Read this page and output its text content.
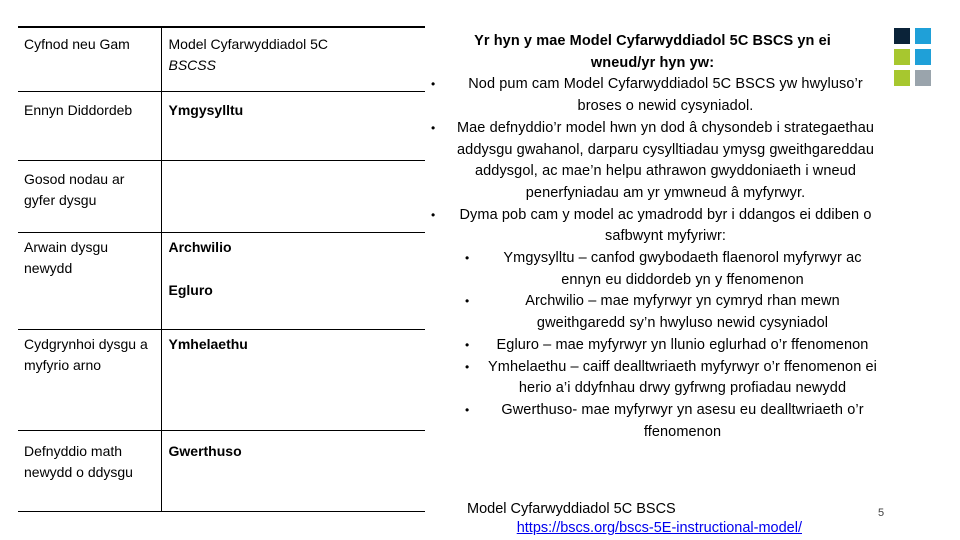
Cyfnod neu Gam	Model Cyfarwyddiadol 5C
BSCSS

Ennyn Diddordeb	Ymgysylltu

Gosod nodau ar gyfer dysgu	
Arwain dysgu newydd	Archwilio
Egluro

Cydgrynhoi dysgu a myfyrio arno	Ymhelaethu

Defnyddio math newydd o ddysgu	Gwerthuso
Yr hyn y mae Model Cyfarwyddiadol 5C BSCS yn ei
wneud/yr hyn yw:
• Nod pum cam Model Cyfarwyddiadol 5C BSCS yw hwyluso’r broses o newid cysyniadol.
• Mae defnyddio’r model hwn yn dod â chysondeb i strategaethau addysgu gwahanol, darparu cysylltiadau ymysg gweithgareddau addysgol, ac mae’n helpu athrawon gwyddoniaeth i wneud penerfyniadau am yr ymwneud â myfyrwyr.
• Dyma pob cam y model ac ymadrodd byr i ddangos ei ddiben o safbwynt myfyriwr:
• Ymgysylltu – canfod gwybodaeth flaenorol myfyrwyr ac ennyn eu diddordeb yn y ffenomenon
•	Archwilio – mae myfyrwyr yn cymryd rhan mewn gweithgaredd sy’n hwyluso newid cysyniadol
• Egluro – mae myfyrwyr yn llunio eglurhad o’r ffenomenon
• Ymhelaethu – caiff dealltwriaeth myfyrwyr o’r ffenomenon ei herio a’i ddyfnhau drwy gyfrwng profiadau newydd
• Gwerthuso- mae myfyrwyr yn asesu eu dealltwriaeth o’r ffenomenon
Model Cyfarwyddiadol 5C BSCS
https://bscs.org/bscs-5E-instructional-model/
5
